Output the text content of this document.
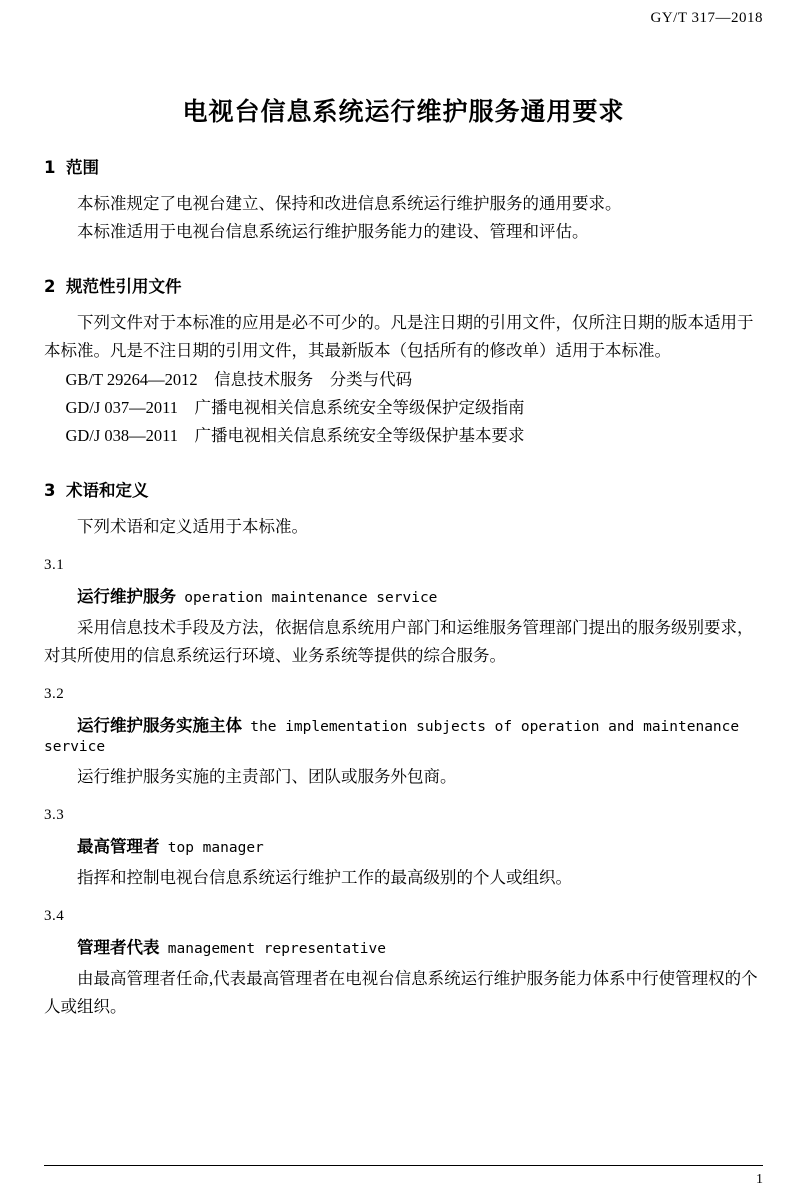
GY/T 317—2018
电视台信息系统运行维护服务通用要求
1 范围

本标准规定了电视台建立、保持和改进信息系统运行维护服务的通用要求。

本标准适用于电视台信息系统运行维护服务能力的建设、管理和评估。

2 规范性引用文件

下列文件对于本标准的应用是必不可少的。凡是注日期的引用文件，仅所注日期的版本适用于本标准。凡是不注日期的引用文件，其最新版本（包括所有的修改单）适用于本标准。

GB/T 29264—2012　信息技术服务　分类与代码
GD/J 037—2011　广播电视相关信息系统安全等级保护定级指南
GD/J 038—2011　广播电视相关信息系统安全等级保护基本要求
3 术语和定义

下列术语和定义适用于本标准。

3.1
运行维护服务 operation maintenance service
采用信息技术手段及方法，依据信息系统用户部门和运维服务管理部门提出的服务级别要求，对其所使用的信息系统运行环境、业务系统等提供的综合服务。
3.2
运行维护服务实施主体 the implementation subjects of operation and maintenance service
运行维护服务实施的主责部门、团队或服务外包商。
3.3
最高管理者 top manager
指挥和控制电视台信息系统运行维护工作的最高级别的个人或组织。
3.4
管理者代表 management representative
由最高管理者任命,代表最高管理者在电视台信息系统运行维护服务能力体系中行使管理权的个人或组织。
1
